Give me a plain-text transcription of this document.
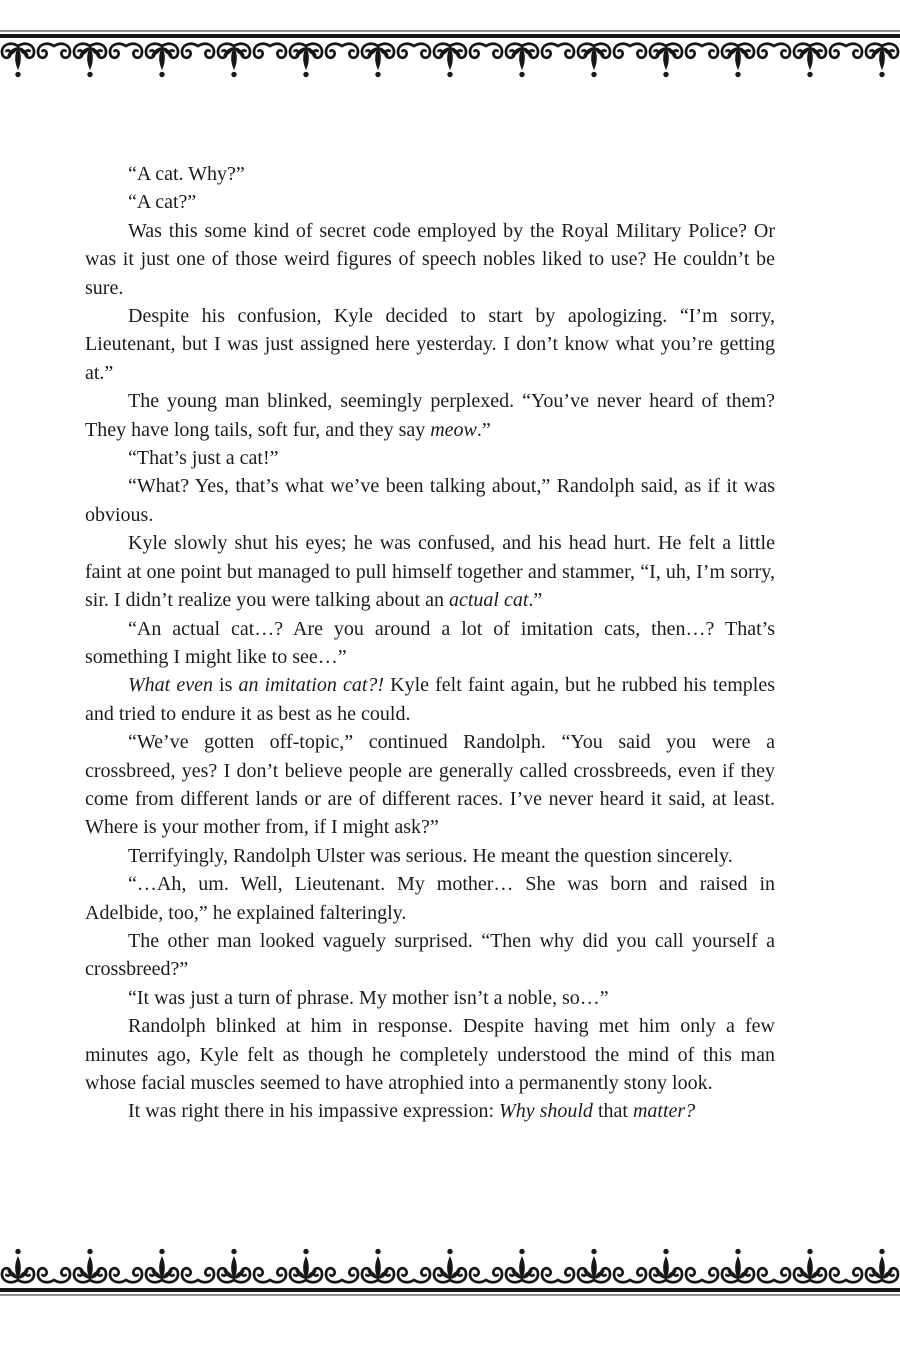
“A cat. Why?”

“A cat?”

Was this some kind of secret code employed by the Royal Military Police? Or was it just one of those weird figures of speech nobles liked to use? He couldn’t be sure.

Despite his confusion, Kyle decided to start by apologizing. “I’m sorry, Lieutenant, but I was just assigned here yesterday. I don’t know what you’re getting at.”

The young man blinked, seemingly perplexed. “You’ve never heard of them? They have long tails, soft fur, and they say meow.”

“That’s just a cat!”

“What? Yes, that’s what we’ve been talking about,” Randolph said, as if it was obvious.

Kyle slowly shut his eyes; he was confused, and his head hurt. He felt a little faint at one point but managed to pull himself together and stammer, “I, uh, I’m sorry, sir. I didn’t realize you were talking about an actual cat.”

“An actual cat…? Are you around a lot of imitation cats, then…? That’s something I might like to see…”

What even is an imitation cat?! Kyle felt faint again, but he rubbed his temples and tried to endure it as best as he could.

“We’ve gotten off-topic,” continued Randolph. “You said you were a crossbreed, yes? I don’t believe people are generally called crossbreeds, even if they come from different lands or are of different races. I’ve never heard it said, at least. Where is your mother from, if I might ask?”

Terrifyingly, Randolph Ulster was serious. He meant the question sincerely.

“…Ah, um. Well, Lieutenant. My mother… She was born and raised in Adelbide, too,” he explained falteringly.

The other man looked vaguely surprised. “Then why did you call yourself a crossbreed?”

“It was just a turn of phrase. My mother isn’t a noble, so…”

Randolph blinked at him in response. Despite having met him only a few minutes ago, Kyle felt as though he completely understood the mind of this man whose facial muscles seemed to have atrophied into a permanently stony look.

It was right there in his impassive expression: Why should that matter?
